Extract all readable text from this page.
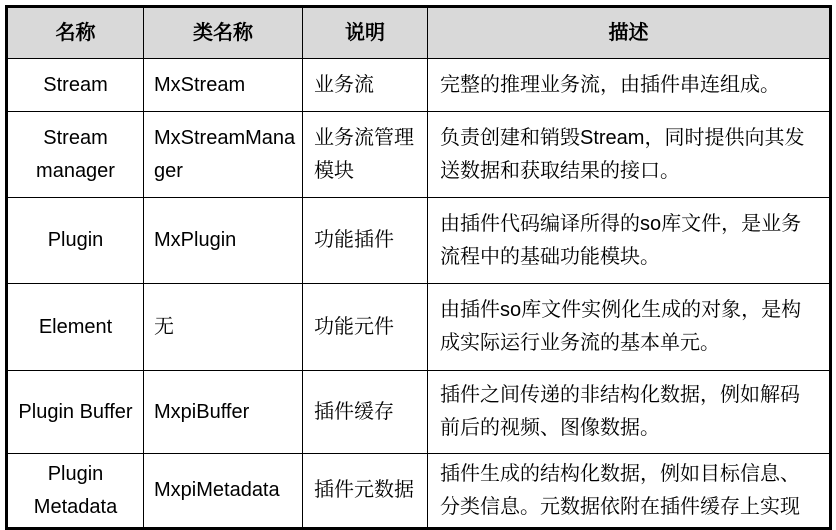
名称	类名称	说明	描述
Stream	MxStream	业务流	完整的推理业务流，由插件串连组成。
Stream manager	MxStreamManager	业务流管理模块	负责创建和销毁Stream，同时提供向其发送数据和获取结果的接口。
Plugin	MxPlugin	功能插件	由插件代码编译所得的so库文件，是业务流程中的基础功能模块。
Element	无	功能元件	由插件so库文件实例化生成的对象，是构成实际运行业务流的基本单元。
Plugin Buffer	MxpiBuffer	插件缓存	插件之间传递的非结构化数据，例如解码前后的视频、图像数据。
Plugin Metadata	MxpiMetadata	插件元数据	插件生成的结构化数据，例如目标信息、分类信息。元数据依附在插件缓存上实现
